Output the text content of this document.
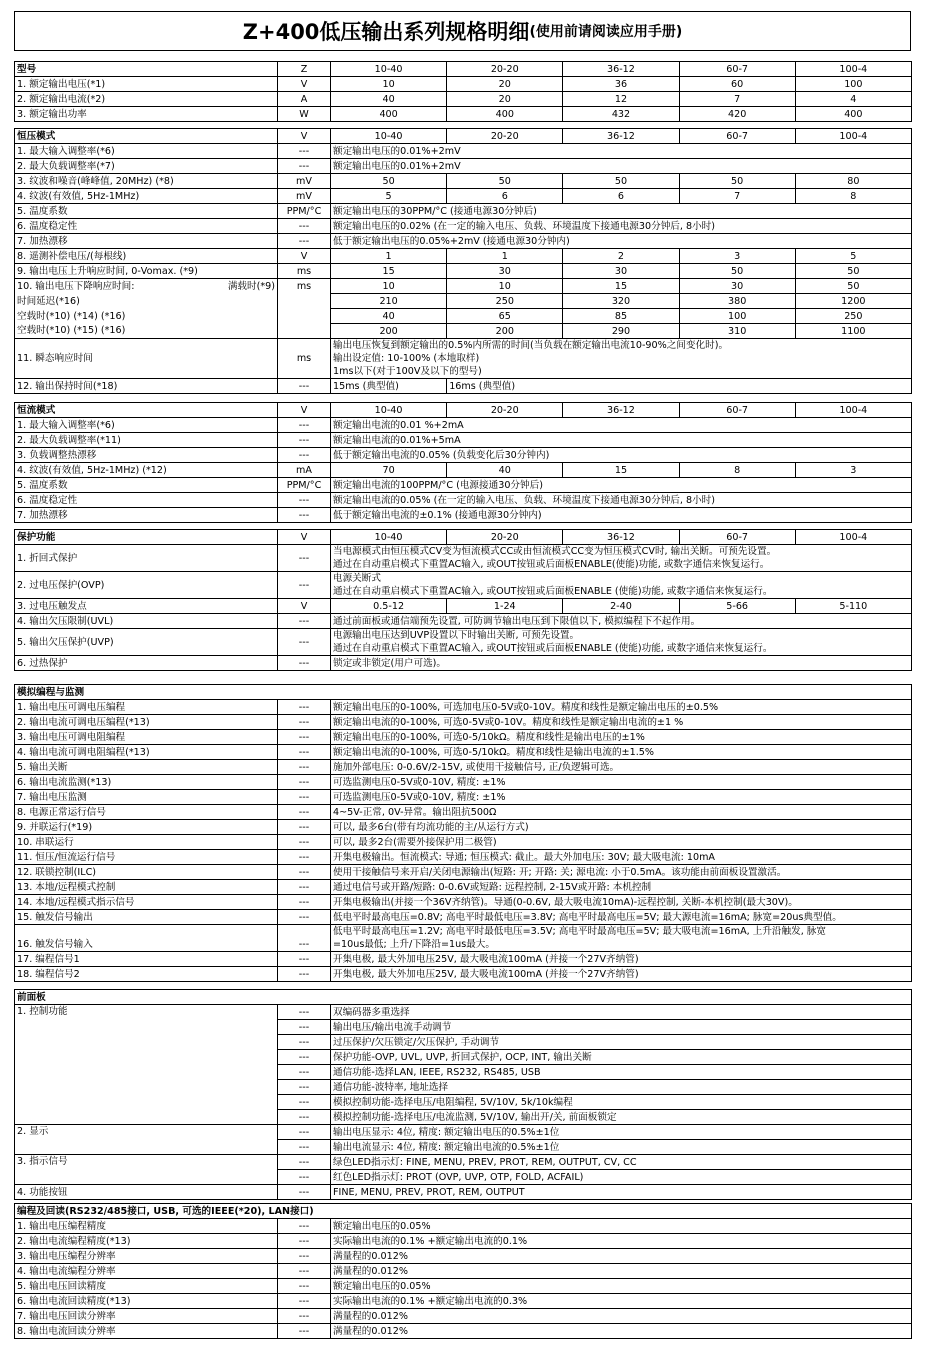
Z+400低压输出系列规格明细 (使用前请阅读应用手册)
型号	Z	10-40	20-20	36-12	60-7	100-4
1. 额定输出电压(*1)	V	10	20	36	60	100
2. 额定输出电流(*2)	A	40	20	12	7	4
3. 额定输出功率	W	400	400	432	420	400
恒压模式	V	10-40	20-20	36-12	60-7	100-4
1. 最大输入调整率(*6)	---	额定输出电压的0.01%+2mV				
2. 最大负载调整率(*7)	---	额定输出电压的0.01%+2mV				
3. 纹波和噪音(峰峰值, 20MHz) (*8)	mV	50	50	50	50	80
4. 纹波(有效值, 5Hz-1MHz)	mV	5	6	6	7	8
5. 温度系数	PPM/°C	额定输出电压的30PPM/°C (接通电源30分钟后)				
6. 温度稳定性	---	额定输出电压的0.02% (在一定的输入电压、负载、环境温度下接通电源30分钟后, 8小时)				
7. 加热漂移	---	低于额定输出电压的0.05%+2mV (接通电源30分钟内)				
8. 遥测补偿电压/(每根线)	V	1	1	2	3	5
9. 输出电压上升响应时间, 0-Vomax. (*9)	ms	15	30	30	50	50
10. 输出电压下降响应时间: 满载时(*9)	ms	10	10	15	30	50
时间延迟(*16)		210	250	320	380	1200
空载时(*10) (*14) (*16)		40	65	85	100	250
空载时(*10) (*15) (*16)		200	200	290	310	1100
11. 瞬态响应时间	ms	输出电压恢复到额定输出的0.5%内所需的时间(当负载在额定输出电流10-90%之间变化时)。
输出设定值: 10-100% (本地取样)
1ms以下(对于100V及以下的型号)				

12. 输出保持时间(*18)	---	15ms (典型值)	16ms (典型值)			
恒流模式	V	10-40	20-20	36-12	60-7	100-4
1. 最大输入调整率(*6)	---	额定输出电流的0.01 %+2mA				
2. 最大负载调整率(*11)	---	额定输出电流的0.01%+5mA				
3. 负载调整热漂移	---	低于额定输出电流的0.05% (负载变化后30分钟内)				
4. 纹波(有效值, 5Hz-1MHz) (*12)	mA	70	40	15	8	3
5. 温度系数	PPM/°C	额定输出电流的100PPM/°C (电源接通30分钟后)				
6. 温度稳定性	---	额定输出电流的0.05% (在一定的输入电压、负载、环境温度下接通电源30分钟后, 8小时)				
7. 加热漂移	---	低于额定输出电流的±0.1% (接通电源30分钟内)				
保护功能	V	10-40	20-20	36-12	60-7	100-4
1. 折回式保护	---	当电源模式由恒压模式CV变为恒流模式CC或由恒流模式CC变为恒压模式CV时, 输出关断。可预先设置。
通过在自动重启模式下重置AC输入, 或OUT按钮或后面板ENABLE(使能)功能, 或数字通信来恢复运行。				

2. 过电压保护(OVP)	---	电源关断式
通过在自动重启模式下重置AC输入, 或OUT按钮或后面板ENABLE (使能)功能, 或数字通信来恢复运行。				

3. 过电压触发点	V	0.5-12	1-24	2-40	5-66	5-110
4. 输出欠压限制(UVL)	---	通过前面板或通信端预先设置, 可防调节输出电压到下限值以下, 模拟编程下不起作用。				
5. 输出欠压保护(UVP)	---	电源输出电压达到UVP设置以下时输出关断, 可预先设置。
通过在自动重启模式下重置AC输入, 或OUT按钮或后面板ENABLE (使能)功能, 或数字通信来恢复运行。				

6. 过热保护	---	锁定或非锁定(用户可选)。				
模拟编程与监测		
1. 输出电压可调电压编程	---	额定输出电压的0-100%, 可选加电压0-5V或0-10V。精度和线性是额定输出电压的±0.5%
2. 输出电流可调电压编程(*13)	---	额定输出电流的0-100%, 可选0-5V或0-10V。精度和线性是额定输出电流的±1 %
3. 输出电压可调电阻编程	---	额定输出电压的0-100%, 可选0-5/10kΩ。精度和线性是输出电压的±1%
4. 输出电流可调电阻编程(*13)	---	额定输出电流的0-100%, 可选0-5/10kΩ。精度和线性是输出电流的±1.5%
5. 输出关断	---	施加外部电压: 0-0.6V/2-15V, 或使用干接触信号, 正/负逻辑可选。
6. 输出电流监测(*13)	---	可选监测电压0-5V或0-10V, 精度: ±1%
7. 输出电压监测	---	可选监测电压0-5V或0-10V, 精度: ±1%
8. 电源正常运行信号	---	4~5V-正常, 0V-异常。输出阻抗500Ω
9. 并联运行(*19)	---	可以, 最多6台(带有均流功能的主/从运行方式)
10. 串联运行	---	可以, 最多2台(需要外接保护用二极管)
11. 恒压/恒流运行信号	---	开集电极输出。恒流模式: 导通; 恒压模式: 截止。最大外加电压: 30V; 最大吸电流: 10mA
12. 联锁控制(ILC)	---	使用干接触信号来开启/关闭电源输出(短路: 开; 开路: 关; 源电流: 小于0.5mA。该功能由前面板设置激活。
13. 本地/远程模式控制	---	通过电信号或开路/短路: 0-0.6V或短路: 远程控制, 2-15V或开路: 本机控制
14. 本地/远程模式指示信号	---	开集电极输出(并接一个36V齐纳管)。导通(0-0.6V, 最大吸电流10mA)-远程控制, 关断-本机控制(最大30V)。
15. 触发信号输出	---	低电平时最高电压=0.8V; 高电平时最低电压=3.8V; 高电平时最高电压=5V; 最大源电流=16mA; 脉宽=20us典型值。
16. 触发信号输入	---	低电平时最高电压=1.2V; 高电平时最低电压=3.5V; 高电平时最高电压=5V; 最大吸电流=16mA, 上升沿触发, 脉宽
=10us最低; 上升/下降沿=1us最大。

17. 编程信号1	---	开集电极, 最大外加电压25V, 最大吸电流100mA (并接一个27V齐纳管)
18. 编程信号2	---	开集电极, 最大外加电压25V, 最大吸电流100mA (并接一个27V齐纳管)
前面板		
1. 控制功能	---	双编码器多重选择
	---	输出电压/输出电流手动调节
	---	过压保护/欠压锁定/欠压保护, 手动调节
	---	保护功能-OVP, UVL, UVP, 折回式保护, OCP, INT, 输出关断
	---	通信功能-选择LAN, IEEE, RS232, RS485, USB
	---	通信功能-波特率, 地址选择
	---	模拟控制功能-选择电压/电阻编程, 5V/10V, 5k/10k编程
	---	模拟控制功能-选择电压/电流监测, 5V/10V, 输出开/关, 前面板锁定
2. 显示	---	输出电压显示: 4位, 精度: 额定输出电压的0.5%±1位
	---	输出电流显示: 4位, 精度: 额定输出电流的0.5%±1位
3. 指示信号	---	绿色LED指示灯: FINE, MENU, PREV, PROT, REM, OUTPUT, CV, CC
	---	红色LED指示灯: PROT (OVP, UVP, OTP, FOLD, ACFAIL)
4. 功能按钮	---	FINE, MENU, PREV, PROT, REM, OUTPUT
编程及回读(RS232/485接口, USB, 可选的IEEE(*20), LAN接口)		
1. 输出电压编程精度	---	额定输出电压的0.05%
2. 输出电流编程精度(*13)	---	实际输出电流的0.1% +额定输出电流的0.1%
3. 输出电压编程分辨率	---	满量程的0.012%
4. 输出电流编程分辨率	---	满量程的0.012%
5. 输出电压回读精度	---	额定输出电压的0.05%
6. 输出电流回读精度(*13)	---	实际输出电流的0.1% +额定输出电流的0.3%
7. 输出电压回读分辨率	---	满量程的0.012%
8. 输出电流回读分辨率	---	满量程的0.012%
